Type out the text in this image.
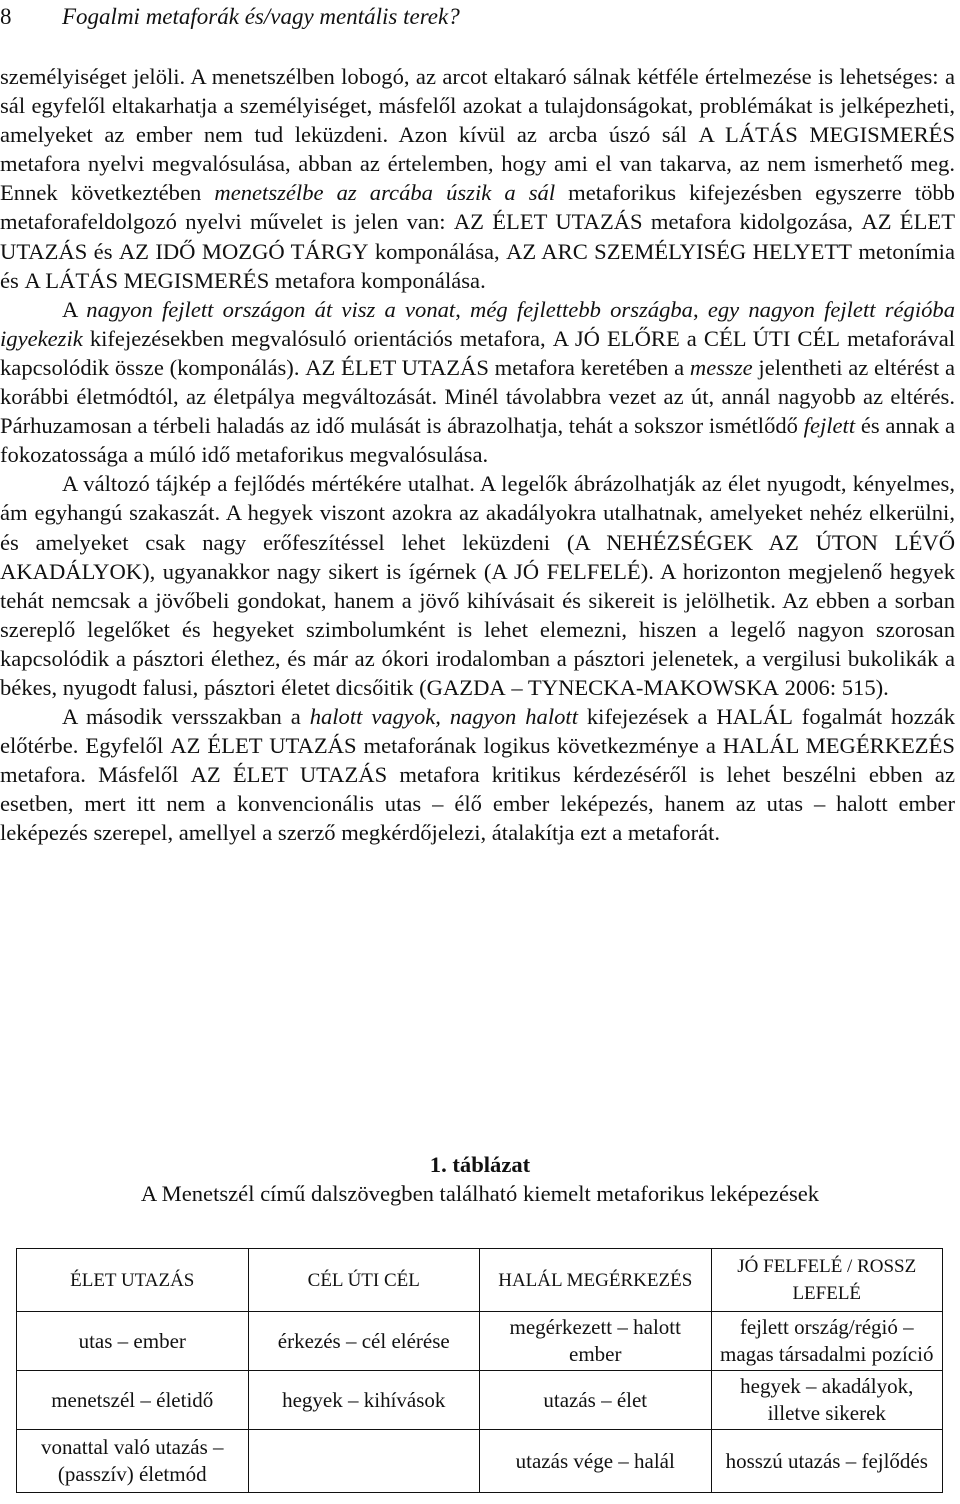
8 Fogalmi metaforák és/vagy mentális terek?

személyiséget jelöli. A menetszélben lobogó, az arcot eltakaró sálnak kétféle értelmezése is lehetséges: a sál egyfelől eltakarhatja a személyiséget, másfelől azokat a tulajdonságokat, problémákat is jelképezheti, amelyeket az ember nem tud leküzdeni. Azon kívül az arcba úszó sál A LÁTÁS MEGISMERÉS metafora nyelvi megvalósulása, abban az értelemben, hogy ami el van takarva, az nem ismerhető meg. Ennek következtében menetszélbe az arcába úszik a sál metaforikus kifejezésben egyszerre több metaforafeldolgozó nyelvi művelet is jelen van: AZ ÉLET UTAZÁS metafora kidolgozása, AZ ÉLET UTAZÁS és AZ IDŐ MOZGÓ TÁRGY komponálása, AZ ARC SZEMÉLYISÉG HELYETT metonímia és A LÁTÁS MEGISMERÉS metafora komponálása.

A nagyon fejlett országon át visz a vonat, még fejlettebb országba, egy nagyon fejlett régióba igyekezik kifejezésekben megvalósuló orientációs metafora, A JÓ ELŐRE a CÉL ÚTI CÉL metaforával kapcsolódik össze (komponálás). AZ ÉLET UTAZÁS metafora keretében a messze jelentheti az eltérést a korábbi életmódtól, az életpálya megváltozását. Minél távolabbra vezet az út, annál nagyobb az eltérés. Párhuzamosan a térbeli haladás az idő mulását is ábrazolhatja, tehát a sokszor ismétlődő fejlett és annak a fokozatossága a múló idő metaforikus megvalósulása.

A változó tájkép a fejlődés mértékére utalhat. A legelők ábrázolhatják az élet nyugodt, kényelmes, ám egyhangú szakaszát. A hegyek viszont azokra az akadályokra utalhatnak, amelyeket nehéz elkerülni, és amelyeket csak nagy erőfeszítéssel lehet leküzdeni (A NEHÉZSÉGEK AZ ÚTON LÉVŐ AKADÁLYOK), ugyanakkor nagy sikert is ígérnek (A JÓ FELFELÉ). A horizonton megjelenő hegyek tehát nemcsak a jövőbeli gondokat, hanem a jövő kihívásait és sikereit is jelölhetik. Az ebben a sorban szereplő legelőket és hegyeket szimbolumként is lehet elemezni, hiszen a legelő nagyon szorosan kapcsolódik a pásztori élethez, és már az ókori irodalomban a pásztori jelenetek, a vergilusi bukolikák a békes, nyugodt falusi, pásztori életet dicsőitik (GAZDA – TYNECKA-MAKOWSKA 2006: 515).

A második versszakban a halott vagyok, nagyon halott kifejezések a HALÁL fogalmát hozzák előtérbe. Egyfelől AZ ÉLET UTAZÁS metaforának logikus következménye a HALÁL MEGÉRKEZÉS metafora. Másfelől AZ ÉLET UTAZÁS metafora kritikus kérdezéséről is lehet beszélni ebben az esetben, mert itt nem a konvencionális utas – élő ember leképezés, hanem az utas – halott ember leképezés szerepel, amellyel a szerző megkérdőjelezi, átalakítja ezt a metaforát.

1. táblázat
A Menetszél című dalszövegben található kiemelt metaforikus leképezések
ÉLET UTAZÁS	CÉL ÚTI CÉL	HALÁL MEGÉRKEZÉS	JÓ FELFELÉ / ROSSZ LEFELÉ
utas – ember	érkezés – cél elérése	megérkezett – halott ember	fejlett ország/régió – magas társadalmi pozíció
menetszél – életidő	hegyek – kihívások	utazás – élet	hegyek – akadályok, illetve sikerek
vonattal való utazás – (passzív) életmód		utazás vége – halál	hosszú utazás – fejlődés
